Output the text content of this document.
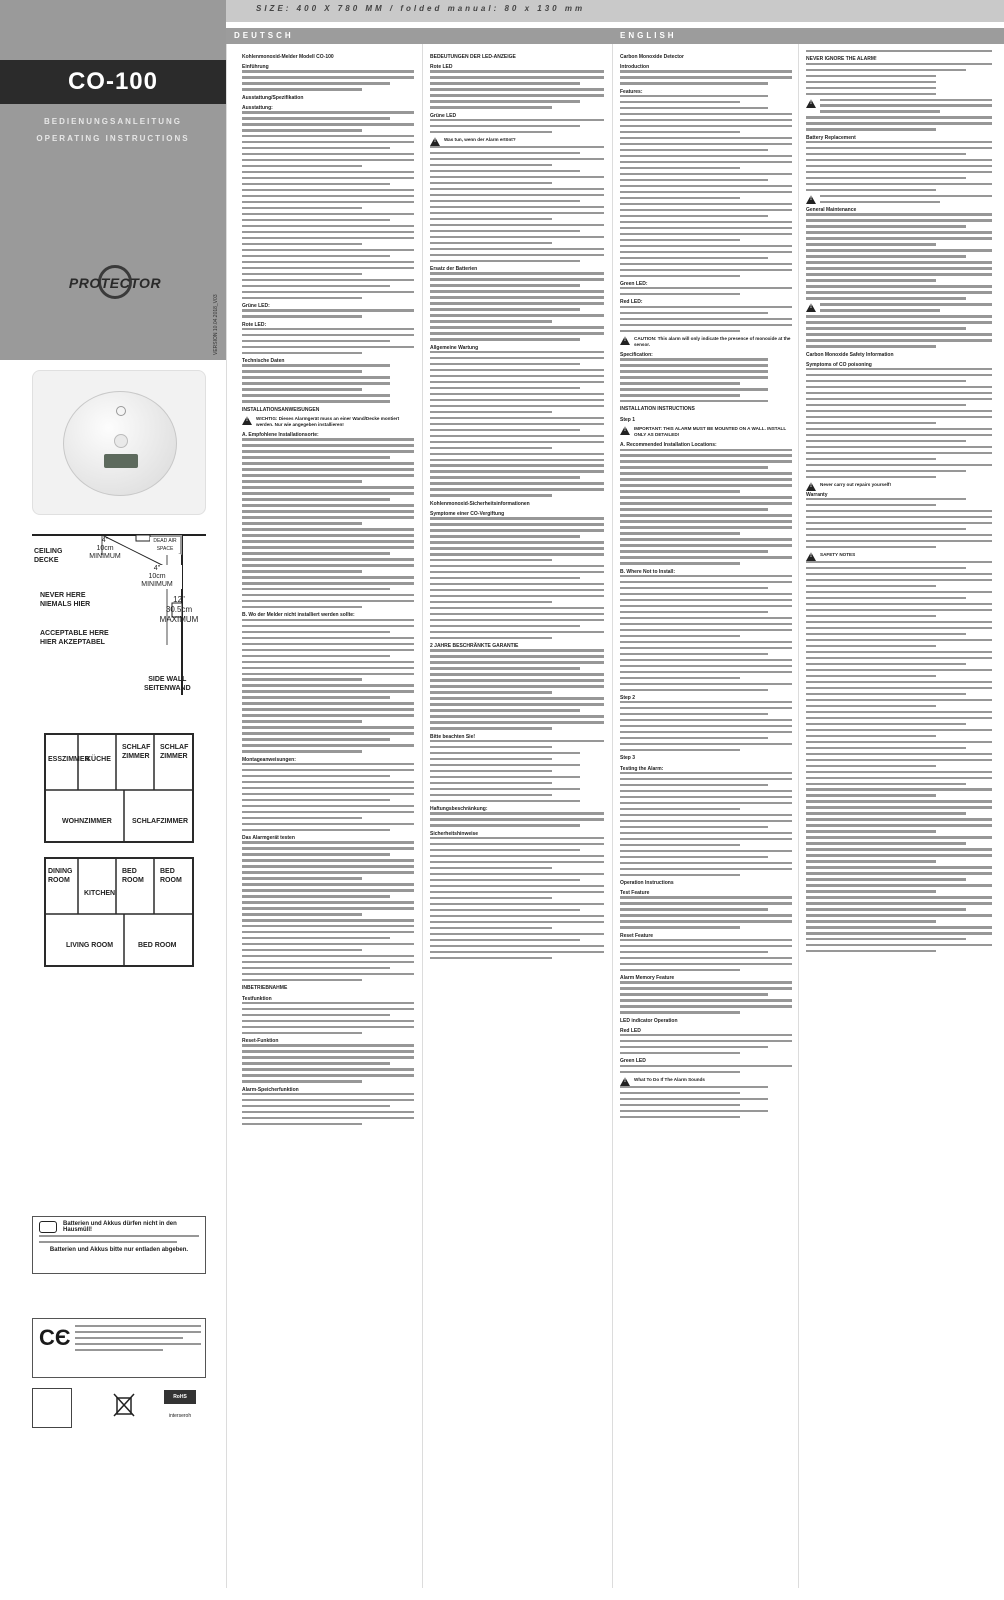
SIZE: 400 X 780 MM / folded manual: 80 x 130 mm
CO-100
BEDIENUNGSANLEITUNG
OPERATING INSTRUCTIONS
PROTECTOR
VERSION 10.04.2018_V03
CEILING
DECKE
4"
10cm
MINIMUM
DEAD AIR SPACE
4"
10cm
MINIMUM
12"
30.5cm
MAXIMUM
NEVER HERE
NIEMALS HIER
ACCEPTABLE HERE
HIER AKZEPTABEL
SIDE WALL
SEITENWAND
ESSZIMMER
KÜCHE
SCHLAF ZIMMER
SCHLAF ZIMMER
WOHNZIMMER	SCHLAFZIMMER
DINING ROOM
KITCHEN
BED ROOM
BED ROOM
LIVING ROOM	BED ROOM
Batterien und Akkus dürfen nicht in den Hausmüll!
Batterien und Akkus bitte nur entladen abgeben.
CЄ
RoHS
interseroh
DEUTSCH	ENGLISH
Kohlenmonoxid-Melder Modell CO-100
Einführung
Ausstattung/Spezifikation
Ausstattung:
Grüne LED:
Rote LED:
Technische Daten
INSTALLATIONSANWEISUNGEN
!
WICHTIG: Dieses Alarmgerät muss an einer Wand/Decke montiert werden. Nur wie angegeben installieren!
A. Empfohlene Installationsorte:
B. Wo der Melder nicht installiert werden sollte:
Montageanweisungen:
Das Alarmgerät testen
INBETRIEBNAHME
Testfunktion
Reset-Funktion
Alarm-Speicherfunktion
BEDEUTUNGEN DER LED-ANZEIGE
Rote LED
Grüne LED
!
Was tun, wenn der Alarm ertönt?
Ersatz der Batterien
Allgemeine Wartung
Kohlenmonoxid-Sicherheitsinformationen
Symptome einer CO-Vergiftung
2 JAHRE BESCHRÄNKTE GARANTIE
Bitte beachten Sie!
Haftungsbeschränkung:
Sicherheitshinweise
Carbon Monoxide Detector
Introduction
Features:
Green LED:
Red LED:
!
CAUTION: This alarm will only indicate the presence of monoxide at the sensor.
Specification:
INSTALLATION INSTRUCTIONS
Step 1
!
IMPORTANT: THIS ALARM MUST BE MOUNTED ON A WALL. INSTALL ONLY AS DETAILED!
A. Recommended Installation Locations:
B. Where Not to Install:
Step 2
Step 3
Testing the Alarm:
Operation Instructions
Test Feature
Reset Feature
Alarm Memory Feature
LED indicator Operation
Red LED
Green LED
!
What To Do If The Alarm Sounds
NEVER IGNORE THE ALARM!
!
Battery Replacement
!
General Maintenance
!
Carbon Monoxide Safety Information
Symptoms of CO poisoning
!
Never carry out repairs yourself!
Warranty
!
SAFETY NOTES
